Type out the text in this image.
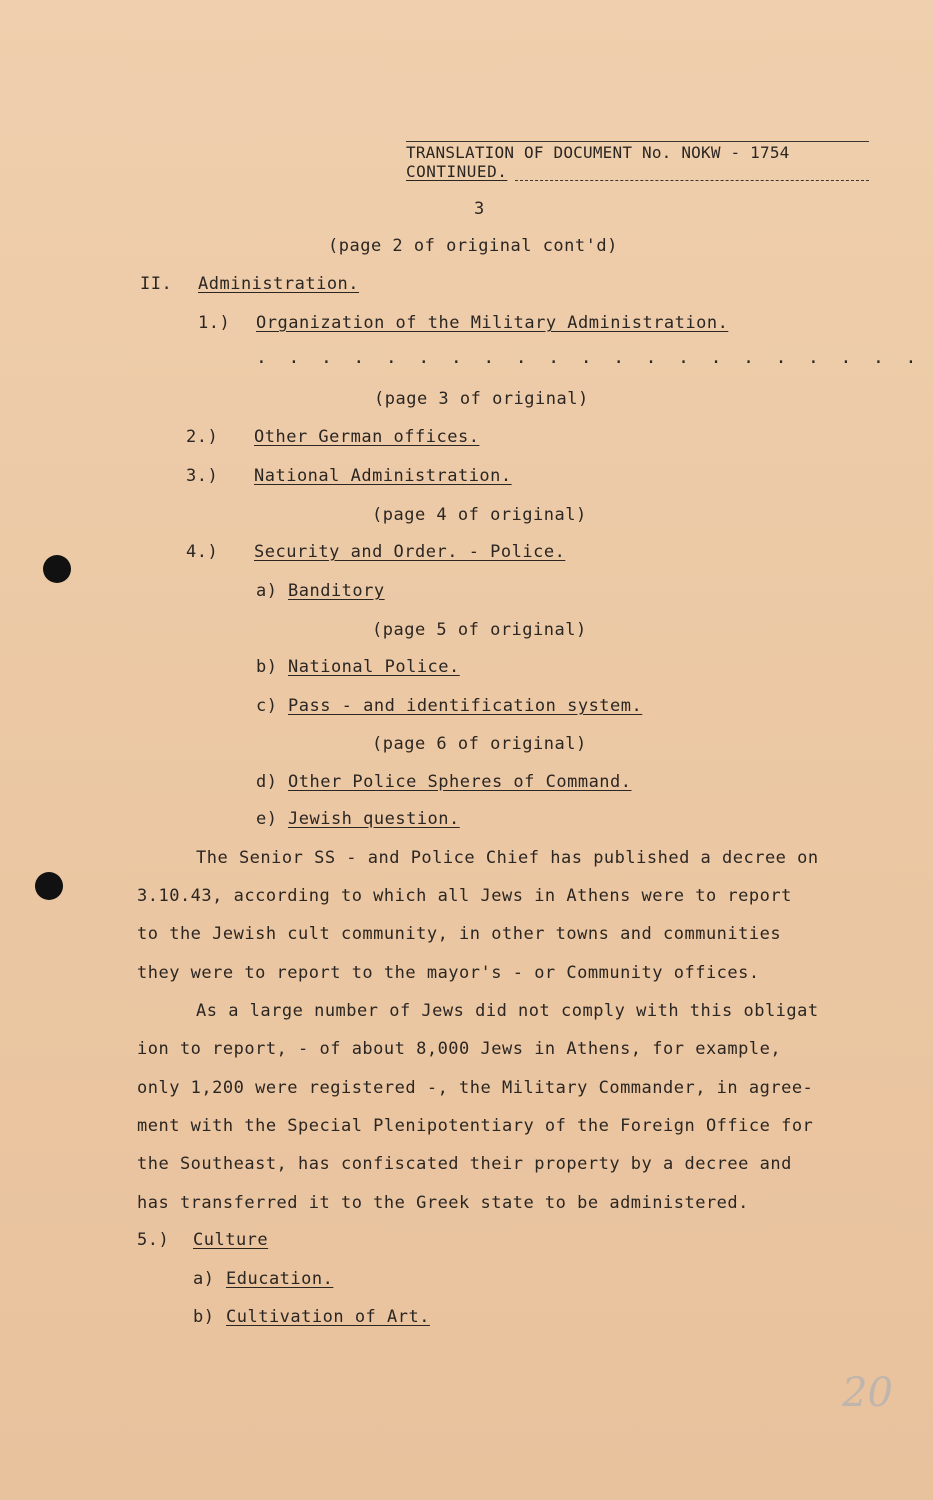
TRANSLATION OF DOCUMENT No. NOKW - 1754
CONTINUED.
3
(page 2 of original cont'd)
II. Administration.
1.) Organization of the Military Administration.
. . . . . . . . . . . . . . . . . . . . .
(page 3 of original)
2.) Other German offices.
3.) National Administration.
(page 4 of original)
4.) Security and Order. - Police.
a) Banditory
(page 5 of original)
b) National Police.
c) Pass - and identification system.
(page 6 of original)
d) Other Police Spheres of Command.
e) Jewish question.
The Senior SS - and Police Chief has published a decree on
3.10.43, according to which all Jews in Athens were to report
to the Jewish cult community, in other towns and communities
they were to report to the mayor's - or Community offices.
As a large number of Jews did not comply with this obligat
ion to report, - of about 8,000 Jews in Athens, for example,
only 1,200 were registered -, the Military Commander, in agree-
ment with the Special Plenipotentiary of the Foreign Office for
the Southeast, has confiscated their property by a decree and
has transferred it to the Greek state to be administered.
5.) Culture
a) Education.
b) Cultivation of Art.
20
